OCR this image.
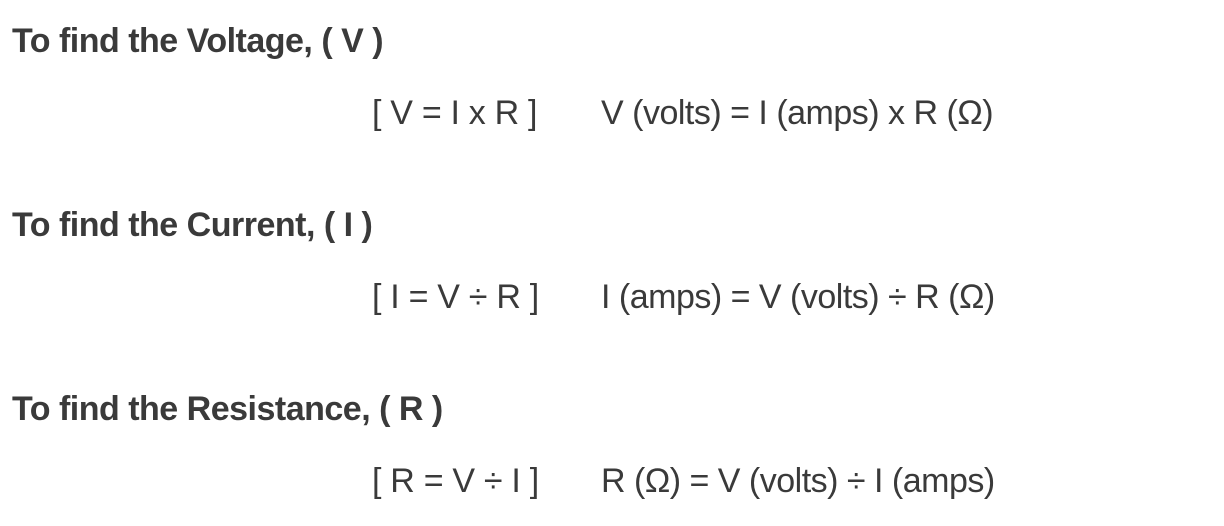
To find the Voltage, ( V )
[ V = I x R ] V (volts) = I (amps) x R (Ω)
To find the Current, ( I )
[ I = V ÷ R ] I (amps) = V (volts) ÷ R (Ω)
To find the Resistance, ( R )
[ R = V ÷ I ] R (Ω) = V (volts) ÷ I (amps)
